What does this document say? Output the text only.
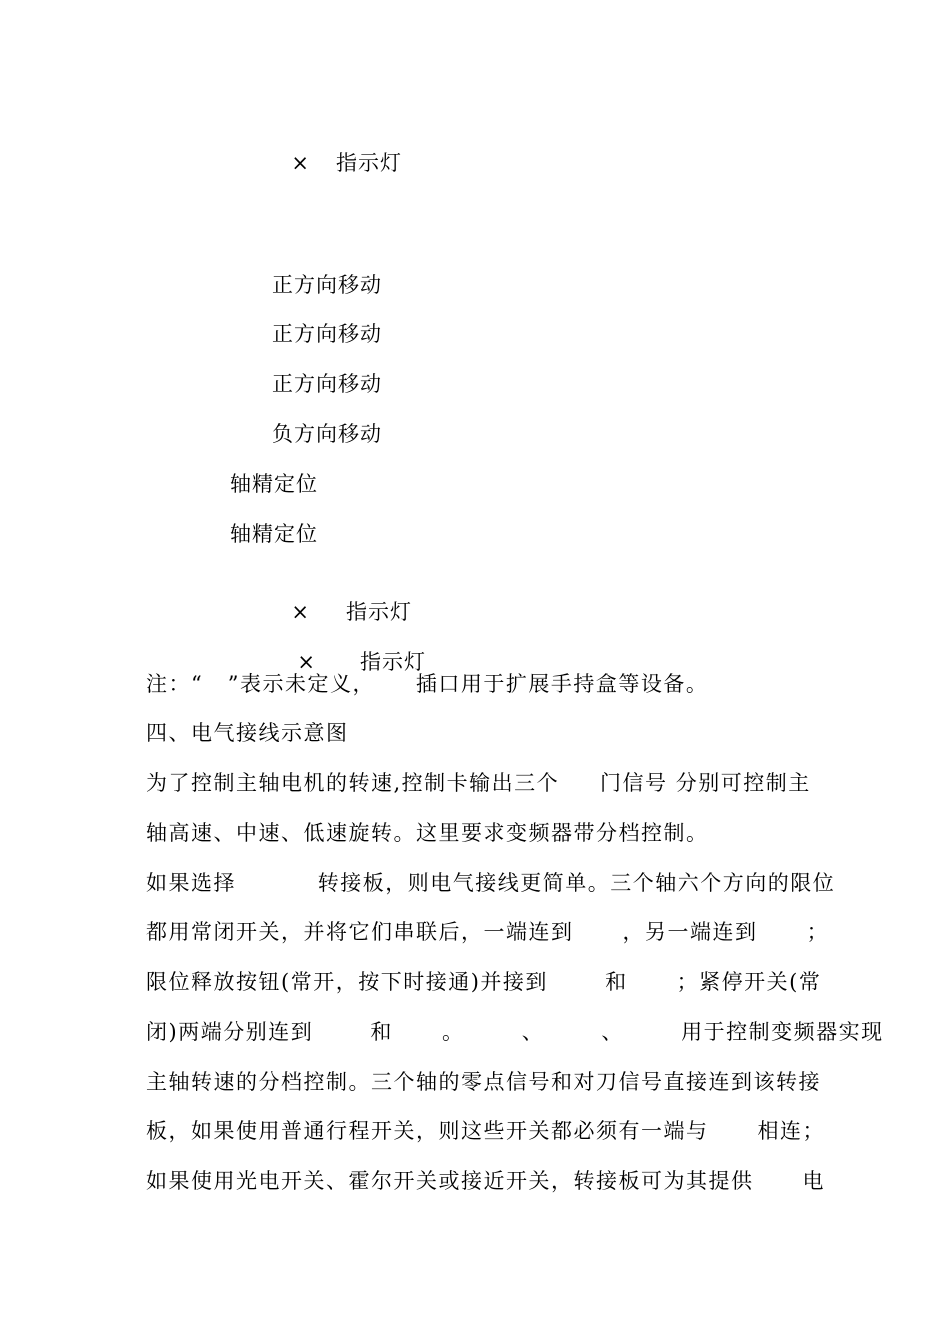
× 指示灯

正方向移动
正方向移动
正方向移动
负方向移动
轴精定位
轴精定位

× 指示灯

× 指示灯

注：“   ”表示未定义，     插口用于扩展手持盒等设备。
四、电气接线示意图
为了控制主轴电机的转速,控制卡输出三个     门信号 分别可控制主
轴高速、中速、低速旋转。这里要求变频器带分档控制。
如果选择          转接板，则电气接线更简单。三个轴六个方向的限位
都用常闭开关，并将它们串联后，一端连到      ，另一端连到      ；
限位释放按钮(常开，按下时接通)并接到       和      ；紧停开关(常
闭)两端分别连到       和      。       、       、       用于控制变频器实现
主轴转速的分档控制。三个轴的零点信号和对刀信号直接连到该转接
板，如果使用普通行程开关，则这些开关都必须有一端与      相连；
如果使用光电开关、霍尔开关或接近开关，转接板可为其提供      电
